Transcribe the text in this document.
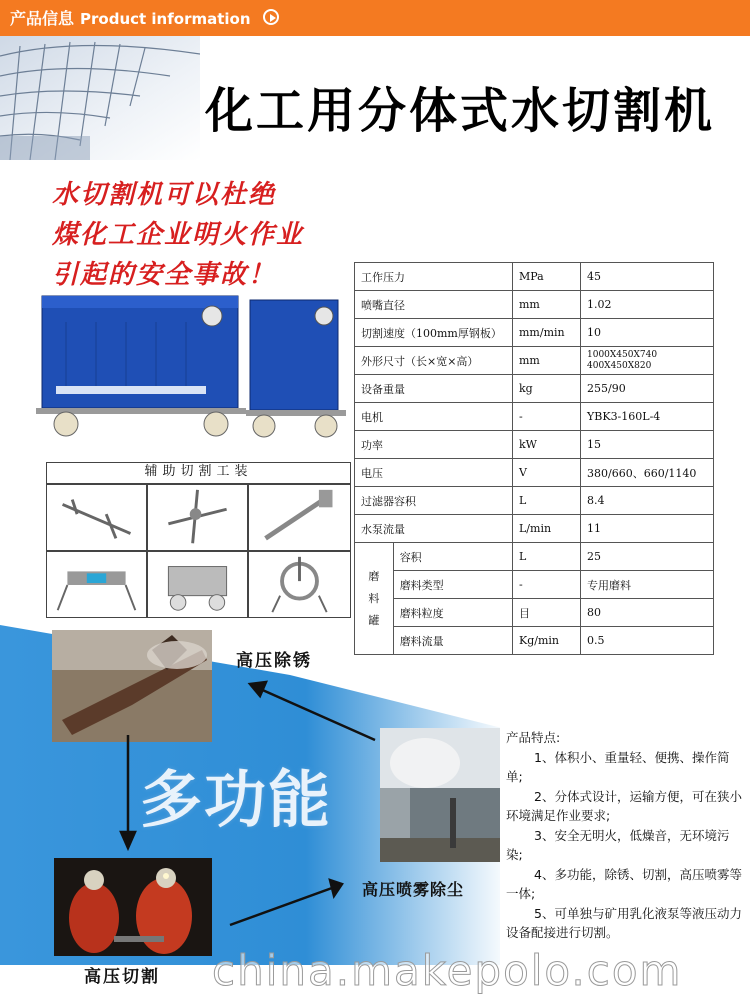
产品信息 Product information
化工用分体式水切割机
水切割机可以杜绝
煤化工企业明火作业
引起的安全事故！	工作压力		MPa	45
喷嘴直径		mm	1.02
切割速度（100mm厚钢板）		mm/min	10
外形尺寸（长×宽×高）		mm	1000X450X740
400X450X820
设备重量		kg	255/90
电机		-	YBK3-160L-4
功率		kW	15
电压		V	380/660、660/1140
过滤器容积		L	8.4
水泵流量		L/min	11
磨
料
罐	容积	L	25
	磨料类型	-	专用磨料
	磨料粒度	目	80
	磨料流量	Kg/min	0.5
辅助切割工装
高压除锈
高压喷雾除尘
高压切割
多功能
产品特点:
1、体积小、重量轻、便携、操作简单;
2、分体式设计，运输方便，可在狭小环境满足作业要求;
3、安全无明火，低燥音，无环境污染;
4、多功能，除锈、切割，高压喷雾等一体;
5、可单独与矿用乳化液泵等液压动力设备配接进行切割。
china.makepolo.com
